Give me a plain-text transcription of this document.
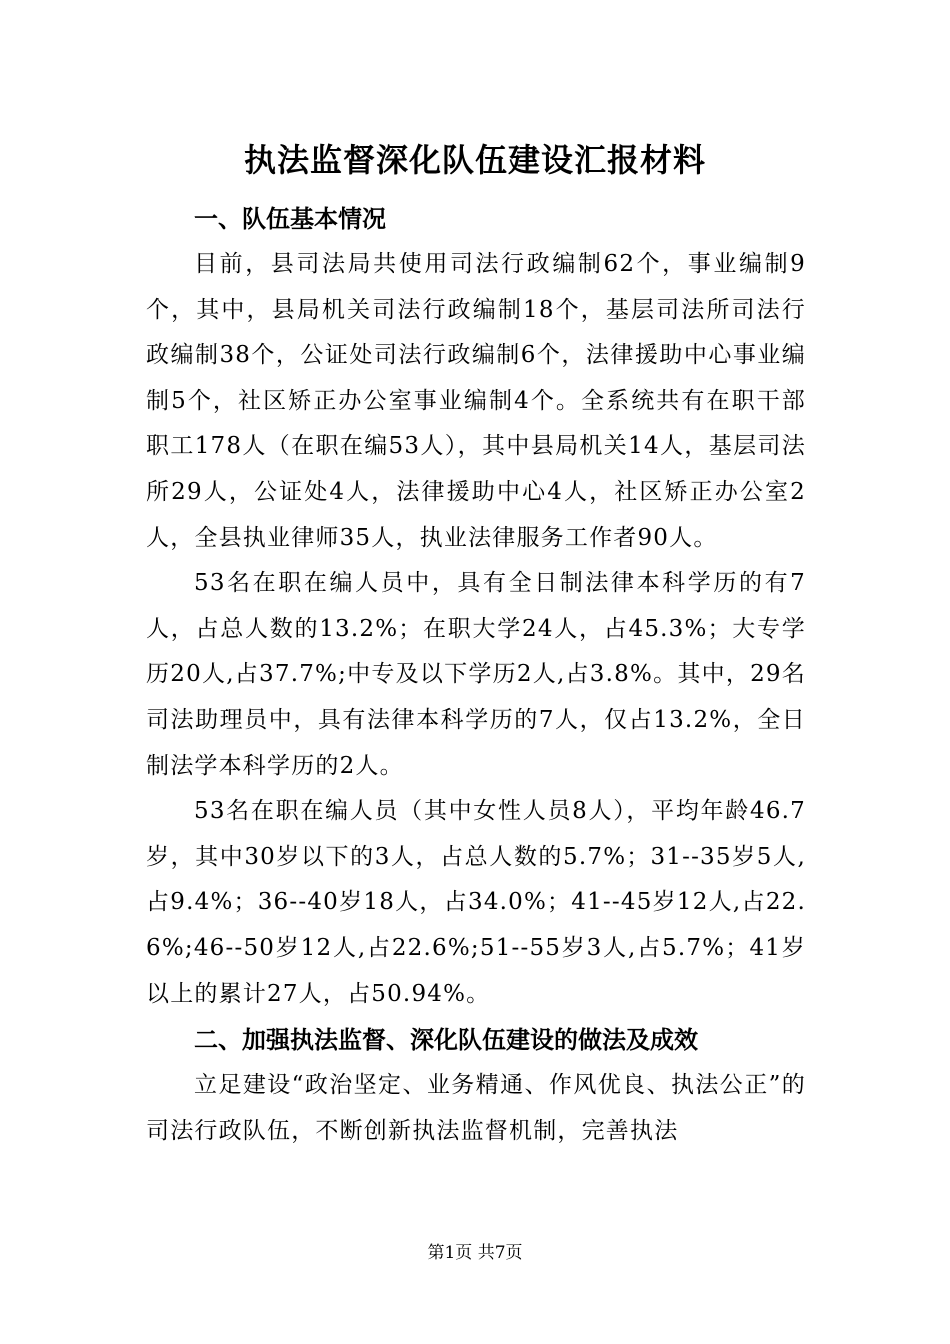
执法监督深化队伍建设汇报材料
一、队伍基本情况

目前，县司法局共使用司法行政编制62个，事业编制9个，其中，县局机关司法行政编制18个，基层司法所司法行政编制38个，公证处司法行政编制6个，法律援助中心事业编制5个，社区矫正办公室事业编制4个。全系统共有在职干部职工178人（在职在编53人），其中县局机关14人，基层司法所29人，公证处4人，法律援助中心4人，社区矫正办公室2人，全县执业律师35人，执业法律服务工作者90人。

53名在职在编人员中，具有全日制法律本科学历的有7人，占总人数的13.2%；在职大学24人，占45.3%；大专学历20人,占37.7%;中专及以下学历2人,占3.8%。其中，29名司法助理员中，具有法律本科学历的7人，仅占13.2%，全日制法学本科学历的2人。

53名在职在编人员（其中女性人员8人），平均年龄46.7岁，其中30岁以下的3人，占总人数的5.7%；31--35岁5人,占9.4%；36--40岁18人，占34.0%；41--45岁12人,占22.6%;46--50岁12人,占22.6%;51--55岁3人,占5.7%；41岁以上的累计27人，占50.94%。

二、加强执法监督、深化队伍建设的做法及成效

立足建设“政治坚定、业务精通、作风优良、执法公正”的司法行政队伍，不断创新执法监督机制，完善执法

第1页 共7页
